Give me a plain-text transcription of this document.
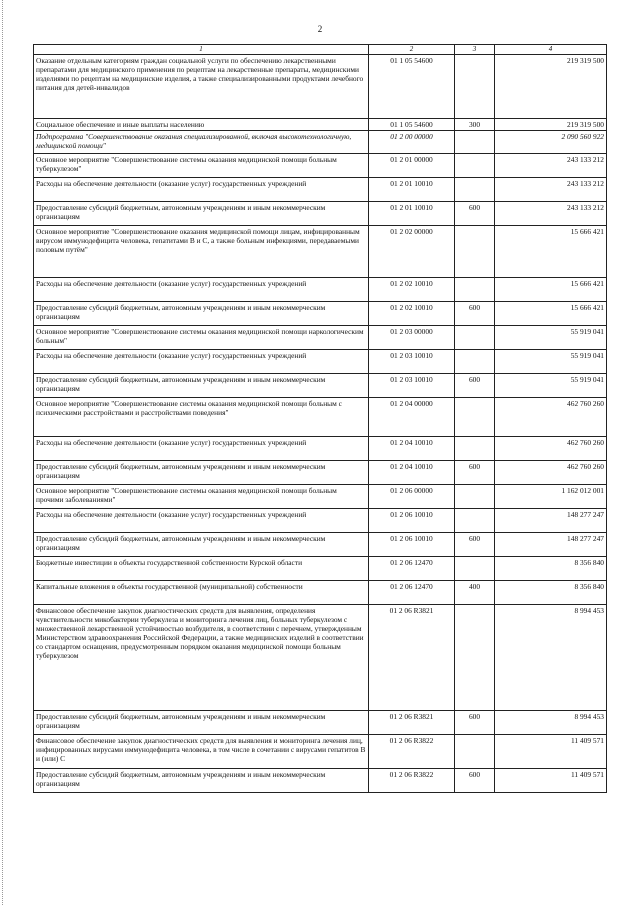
2
1	2	3	4
Оказание отдельным категориям граждан социальной услуги по обеспечению лекарственными препаратами для медицинского применения по рецептам на лекарственные препараты, медицинскими изделиями по рецептам на медицинские изделия, а также специализированными продуктами лечебного питания для детей-инвалидов	01 1 05 54600		219 319 500
Социальное обеспечение и иные выплаты населению	01 1 05 54600	300	219 319 500
Подпрограмма "Совершенствование оказания специализированной, включая высокотехнологичную, медицинской помощи"	01 2 00 00000		2 090 560 922
Основное мероприятие "Совершенствование системы оказания медицинской помощи больным туберкулезом"	01 2 01 00000		243 133 212
Расходы на обеспечение деятельности (оказание услуг) государственных учреждений	01 2 01 10010		243 133 212
Предоставление субсидий бюджетным, автономным учреждениям и иным некоммерческим организациям	01 2 01 10010	600	243 133 212
Основное мероприятие "Совершенствование оказания медицинской помощи лицам, инфицированным вирусом иммунодефицита человека, гепатитами В и С, а также больным инфекциями, передаваемыми половым путём"	01 2 02 00000		15 666 421
Расходы на обеспечение деятельности (оказание услуг) государственных учреждений	01 2 02 10010		15 666 421
Предоставление субсидий бюджетным, автономным учреждениям и иным некоммерческим организациям	01 2 02 10010	600	15 666 421
Основное мероприятие "Совершенствование системы оказания медицинской помощи наркологическим больным"	01 2 03 00000		55 919 041
Расходы на обеспечение деятельности (оказание услуг) государственных учреждений	01 2 03 10010		55 919 041
Предоставление субсидий бюджетным, автономным учреждениям и иным некоммерческим организациям	01 2 03 10010	600	55 919 041
Основное мероприятие "Совершенствование системы оказания медицинской помощи больным с психическими расстройствами и расстройствами поведения"	01 2 04 00000		462 760 260
Расходы на обеспечение деятельности (оказание услуг) государственных учреждений	01 2 04 10010		462 760 260
Предоставление субсидий бюджетным, автономным учреждениям и иным некоммерческим организациям	01 2 04 10010	600	462 760 260
Основное мероприятие "Совершенствование системы оказания медицинской помощи больным прочими заболеваниями"	01 2 06 00000		1 162 012 001
Расходы на обеспечение деятельности (оказание услуг) государственных учреждений	01 2 06 10010		148 277 247
Предоставление субсидий бюджетным, автономным учреждениям и иным некоммерческим организациям	01 2 06 10010	600	148 277 247
Бюджетные инвестиции в объекты государственной собственности Курской области	01 2 06 12470		8 356 840
Капитальные вложения в объекты государственной (муниципальной) собственности	01 2 06 12470	400	8 356 840
Финансовое обеспечение закупок диагностических средств для выявления, определения чувствительности микобактерии туберкулеза и мониторинга лечения лиц, больных туберкулезом с множественной лекарственной устойчивостью возбудителя, в соответствии с перечнем, утвержденным Министерством здравоохранения Российской Федерации, а также медицинских изделий в соответствии со стандартом оснащения, предусмотренным порядком оказания медицинской помощи больным туберкулезом	01 2 06 R3821		8 994 453
Предоставление субсидий бюджетным, автономным учреждениям и иным некоммерческим организациям	01 2 06 R3821	600	8 994 453
Финансовое обеспечение закупок диагностических средств для выявления и мониторинга лечения лиц, инфицированных вирусами иммунодефицита человека, в том числе в сочетании с вирусами гепатитов В и (или) С	01 2 06 R3822		11 409 571
Предоставление субсидий бюджетным, автономным учреждениям и иным некоммерческим организациям	01 2 06 R3822	600	11 409 571
